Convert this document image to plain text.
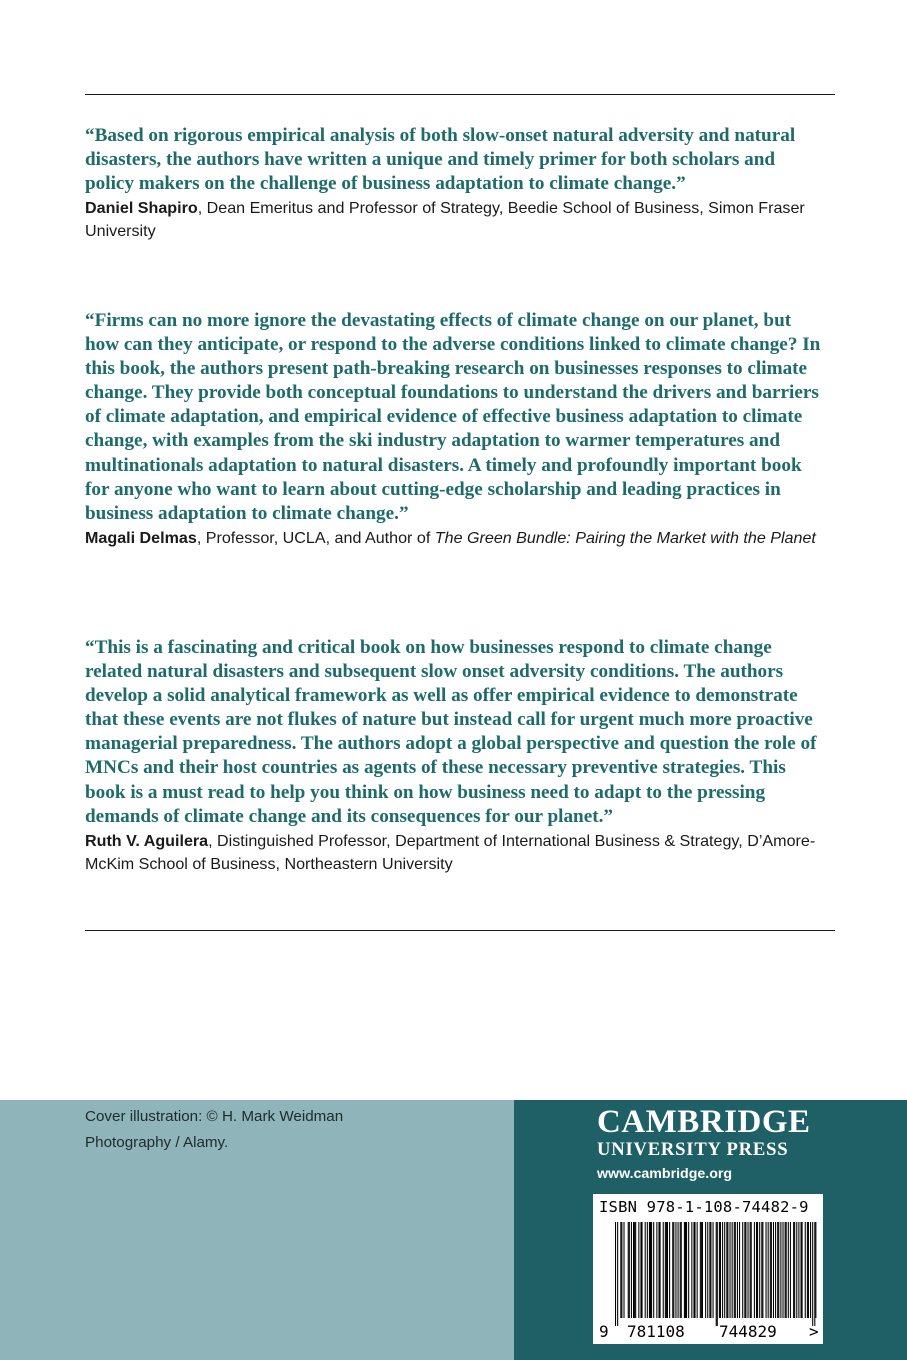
“Based on rigorous empirical analysis of both slow-onset natural adversity and natural disasters, the authors have written a unique and timely primer for both scholars and policy makers on the challenge of business adaptation to climate change.”

Daniel Shapiro, Dean Emeritus and Professor of Strategy, Beedie School of Business, Simon Fraser University

“Firms can no more ignore the devastating effects of climate change on our planet, but how can they anticipate, or respond to the adverse conditions linked to climate change? In this book, the authors present path-breaking research on businesses responses to climate change. They provide both conceptual foundations to understand the drivers and barriers of climate adaptation, and empirical evidence of effective business adaptation to climate change, with examples from the ski industry adaptation to warmer temperatures and multinationals adaptation to natural disasters. A timely and profoundly important book for anyone who want to learn about cutting-edge scholarship and leading practices in business adaptation to climate change.”

Magali Delmas, Professor, UCLA, and Author of The Green Bundle: Pairing the Market with the Planet

“This is a fascinating and critical book on how businesses respond to climate change related natural disasters and subsequent slow onset adversity conditions. The authors develop a solid analytical framework as well as offer empirical evidence to demonstrate that these events are not flukes of nature but instead call for urgent much more proactive managerial preparedness. The authors adopt a global perspective and question the role of MNCs and their host countries as agents of these necessary preventive strategies. This book is a must read to help you think on how business need to adapt to the pressing demands of climate change and its consequences for our planet.”

Ruth V. Aguilera, Distinguished Professor, Department of International Business & Strategy, D’Amore-McKim School of Business, Northeastern University

Cover illustration: © H. Mark Weidman
Photography / Alamy.
CAMBRIDGE
UNIVERSITY PRESS
www.cambridge.org
ISBN 978-1-108-74482-9
9 781108 744829 >
